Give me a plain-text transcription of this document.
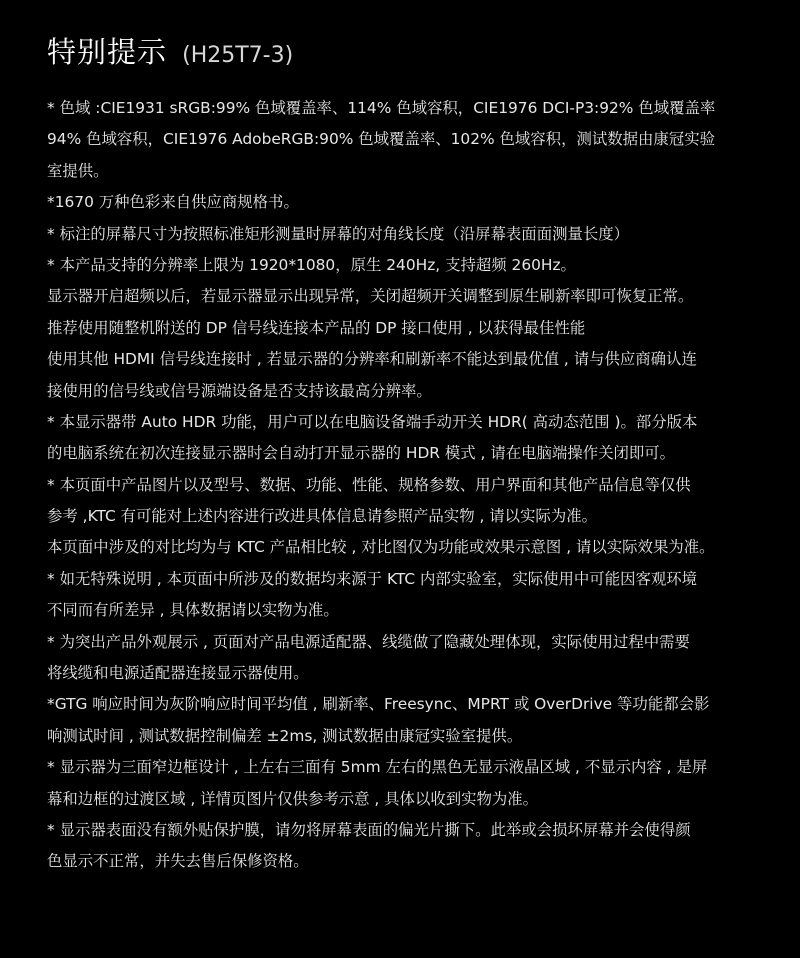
特别提示 (H25T7-3)
* 色域 :CIE1931 sRGB:99% 色域覆盖率、114% 色域容积，CIE1976 DCI-P3:92% 色域覆盖率
94% 色域容积，CIE1976 AdobeRGB:90% 色域覆盖率、102% 色域容积，测试数据由康冠实验
室提供。
*1670 万种色彩来自供应商规格书。
* 标注的屏幕尺寸为按照标准矩形测量时屏幕的对角线长度（沿屏幕表面面测量长度）
* 本产品支持的分辨率上限为 1920*1080，原生 240Hz, 支持超频 260Hz。
显示器开启超频以后，若显示器显示出现异常，关闭超频开关调整到原生刷新率即可恢复正常。
推荐使用随整机附送的 DP 信号线连接本产品的 DP 接口使用 , 以获得最佳性能
使用其他 HDMI 信号线连接时 , 若显示器的分辨率和刷新率不能达到最优值 , 请与供应商确认连
接使用的信号线或信号源端设备是否支持该最高分辨率。
* 本显示器带 Auto HDR 功能，用户可以在电脑设备端手动开关 HDR( 高动态范围 )。部分版本
的电脑系统在初次连接显示器时会自动打开显示器的 HDR 模式 , 请在电脑端操作关闭即可。
* 本页面中产品图片以及型号、数据、功能、性能、规格参数、用户界面和其他产品信息等仅供
参考 ,KTC 有可能对上述内容进行改进具体信息请参照产品实物 , 请以实际为准。
本页面中涉及的对比均为与 KTC 产品相比较 , 对比图仅为功能或效果示意图 , 请以实际效果为准。
* 如无特殊说明 , 本页面中所涉及的数据均来源于 KTC 内部实验室，实际使用中可能因客观环境
不同而有所差异 , 具体数据请以实物为准。
* 为突出产品外观展示 , 页面对产品电源适配器、线缆做了隐藏处理体现，实际使用过程中需要
将线缆和电源适配器连接显示器使用。
*GTG 响应时间为灰阶响应时间平均值 , 刷新率、Freesync、MPRT 或 OverDrive 等功能都会影
响测试时间 , 测试数据控制偏差 ±2ms, 测试数据由康冠实验室提供。
* 显示器为三面窄边框设计 , 上左右三面有 5mm 左右的黑色无显示液晶区域 , 不显示内容 , 是屏
幕和边框的过渡区域 , 详情页图片仅供参考示意 , 具体以收到实物为准。
* 显示器表面没有额外贴保护膜，请勿将屏幕表面的偏光片撕下。此举或会损坏屏幕并会使得颜
色显示不正常，并失去售后保修资格。
